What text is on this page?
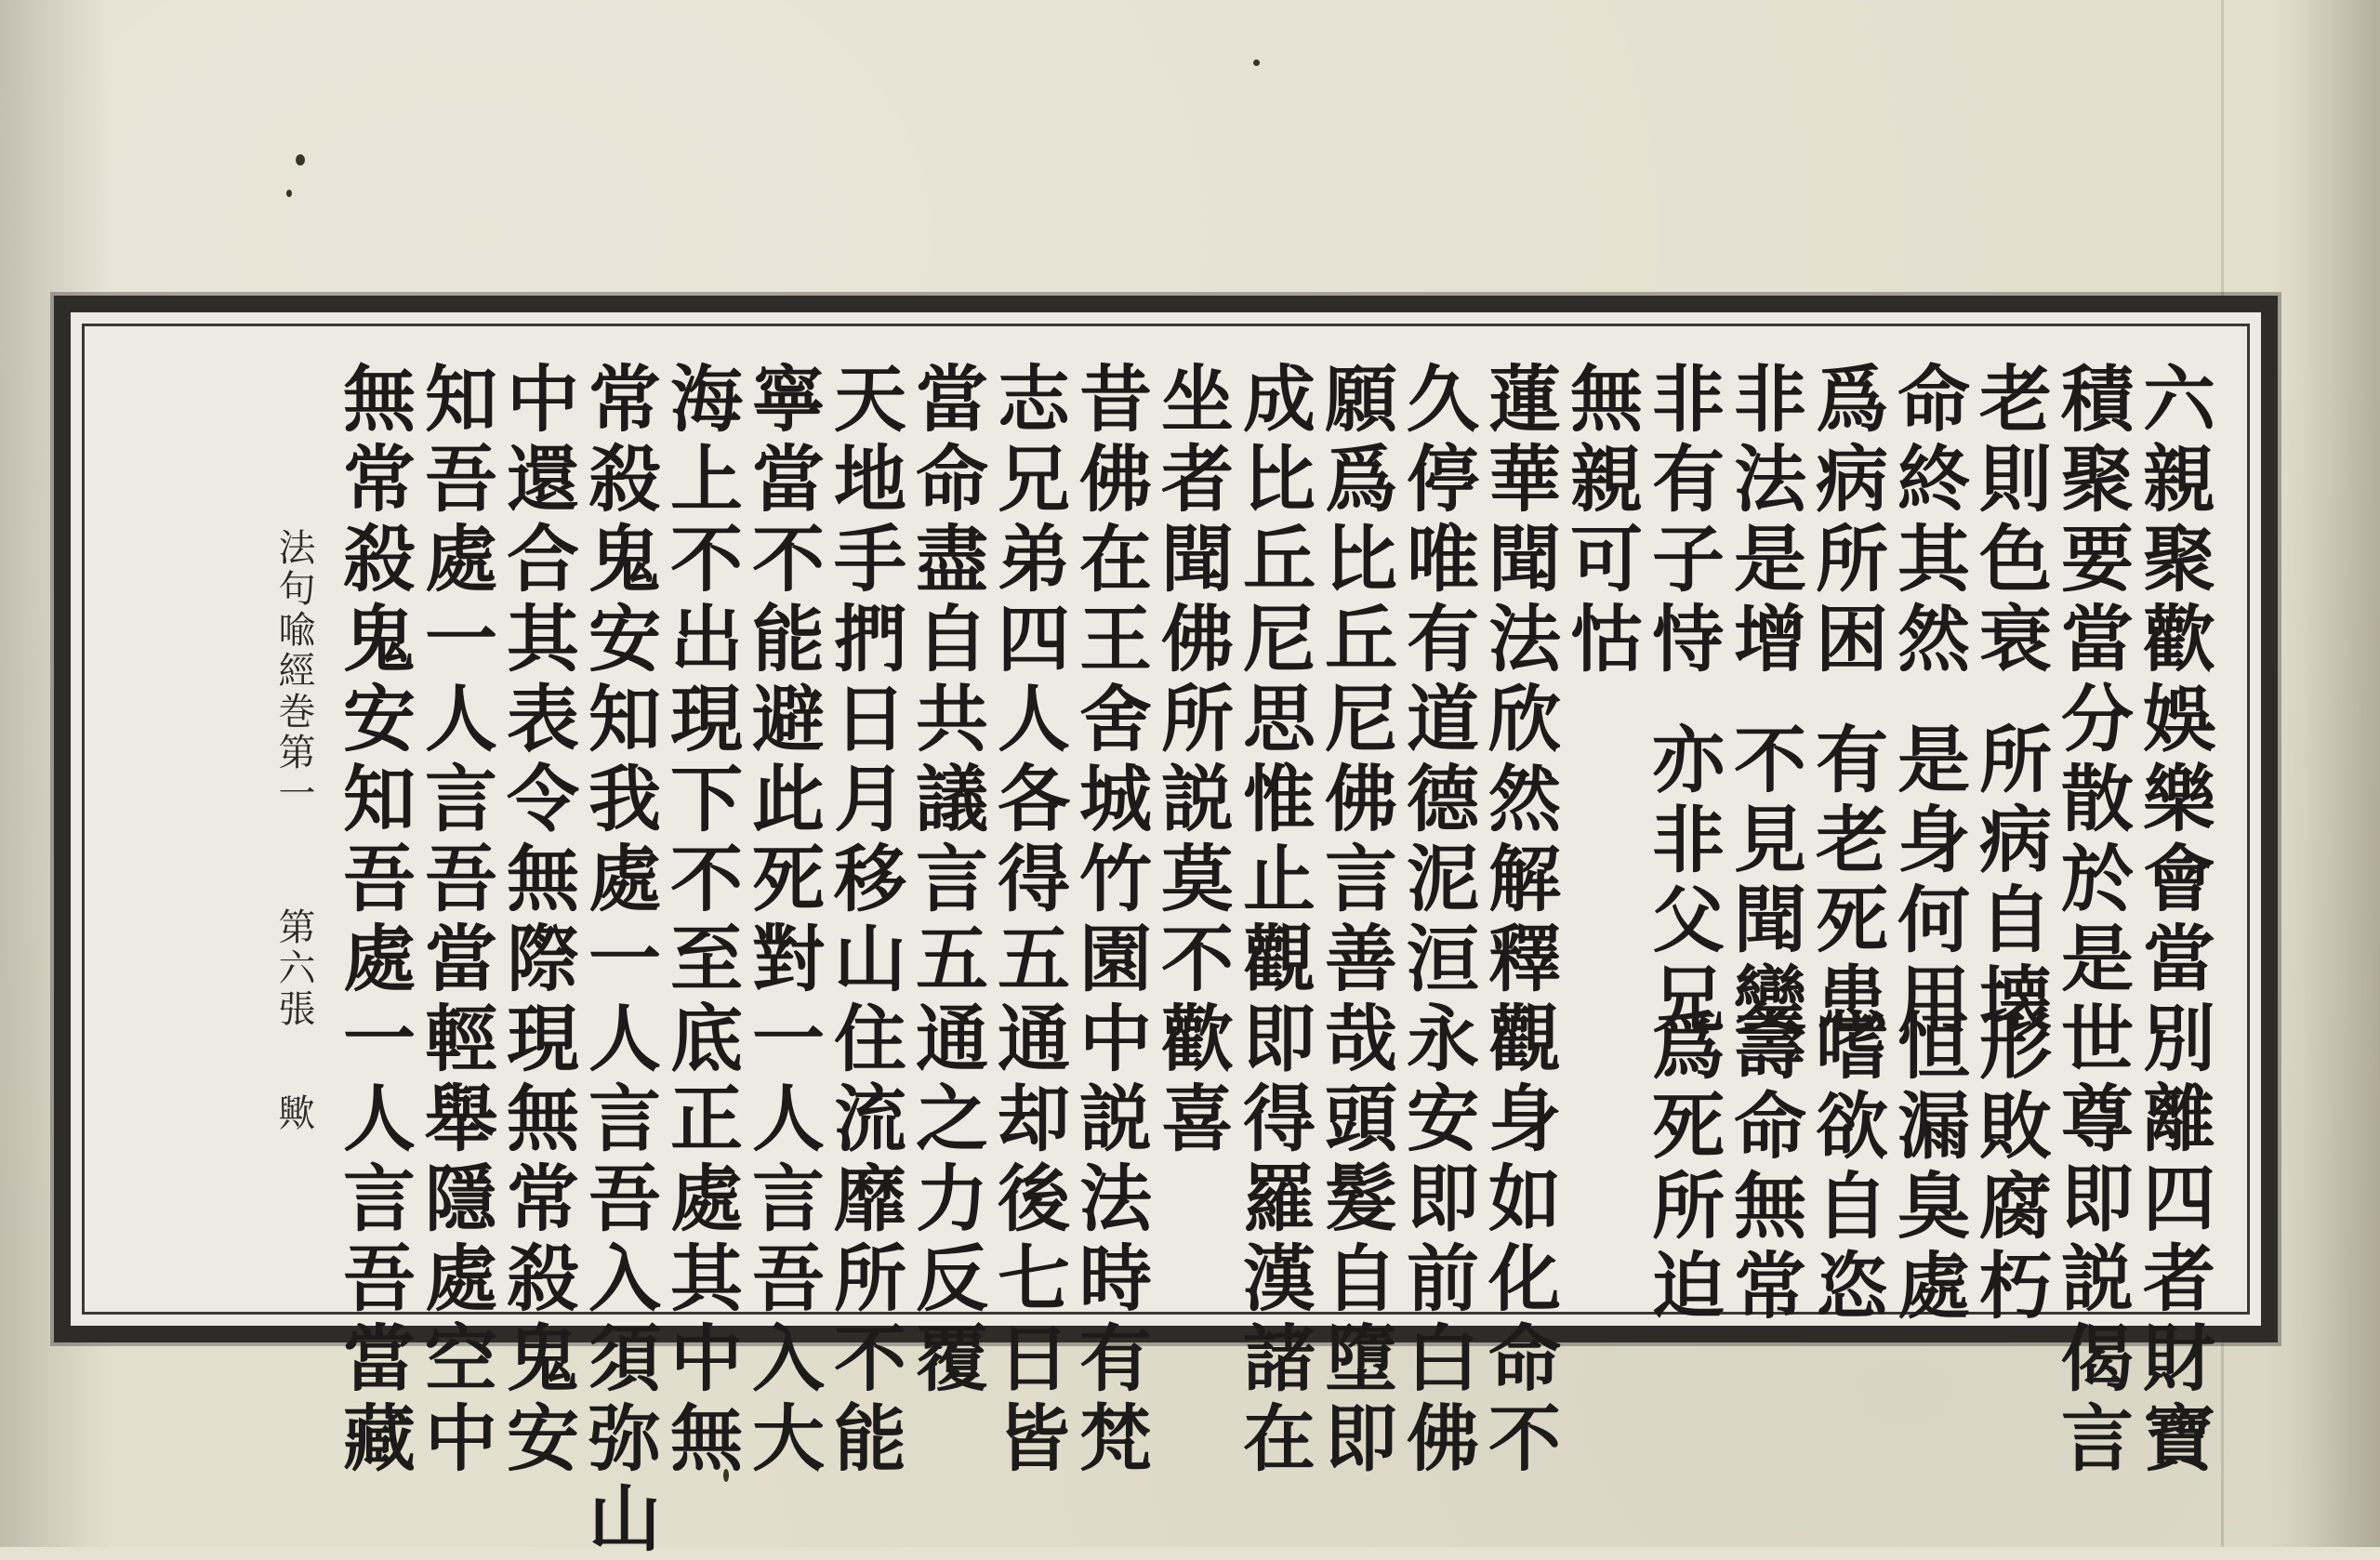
六親聚歡娛樂會當別離四者財寶
積聚要當分散於是世尊即説偈言
老則色衰
命終其然
爲病所困
非法是增
非有子恃
無親可怙
所病自壊
是身何用
有老死患
不見聞變
亦非父兄
形敗腐朽
恒漏臭處
嗜欲自恣
壽命無常
爲死所迫
蓮華聞法欣然解釋觀身如化命不
久停唯有道德泥洹永安即前白佛
願爲比丘尼佛言善哉頭髮自墮即
成比丘尼思惟止觀即得羅漢諸在
坐者聞佛所説莫不歡喜
昔佛在王舍城竹園中説法時有梵
志兄弟四人各得五通却後七日皆
當命盡自共議言五通之力反覆
天地手捫日月移山住流靡所不能
寧當不能避此死對一人言吾入大
海上不出現下不至底正處其中無
常殺鬼安知我處一人言吾入須弥山
中還合其表令無際現無常殺鬼安
知吾處一人言吾當輕舉隱處空中
無常殺鬼安知吾處一人言吾當藏
法句喩經巻第一
第六張
歟
